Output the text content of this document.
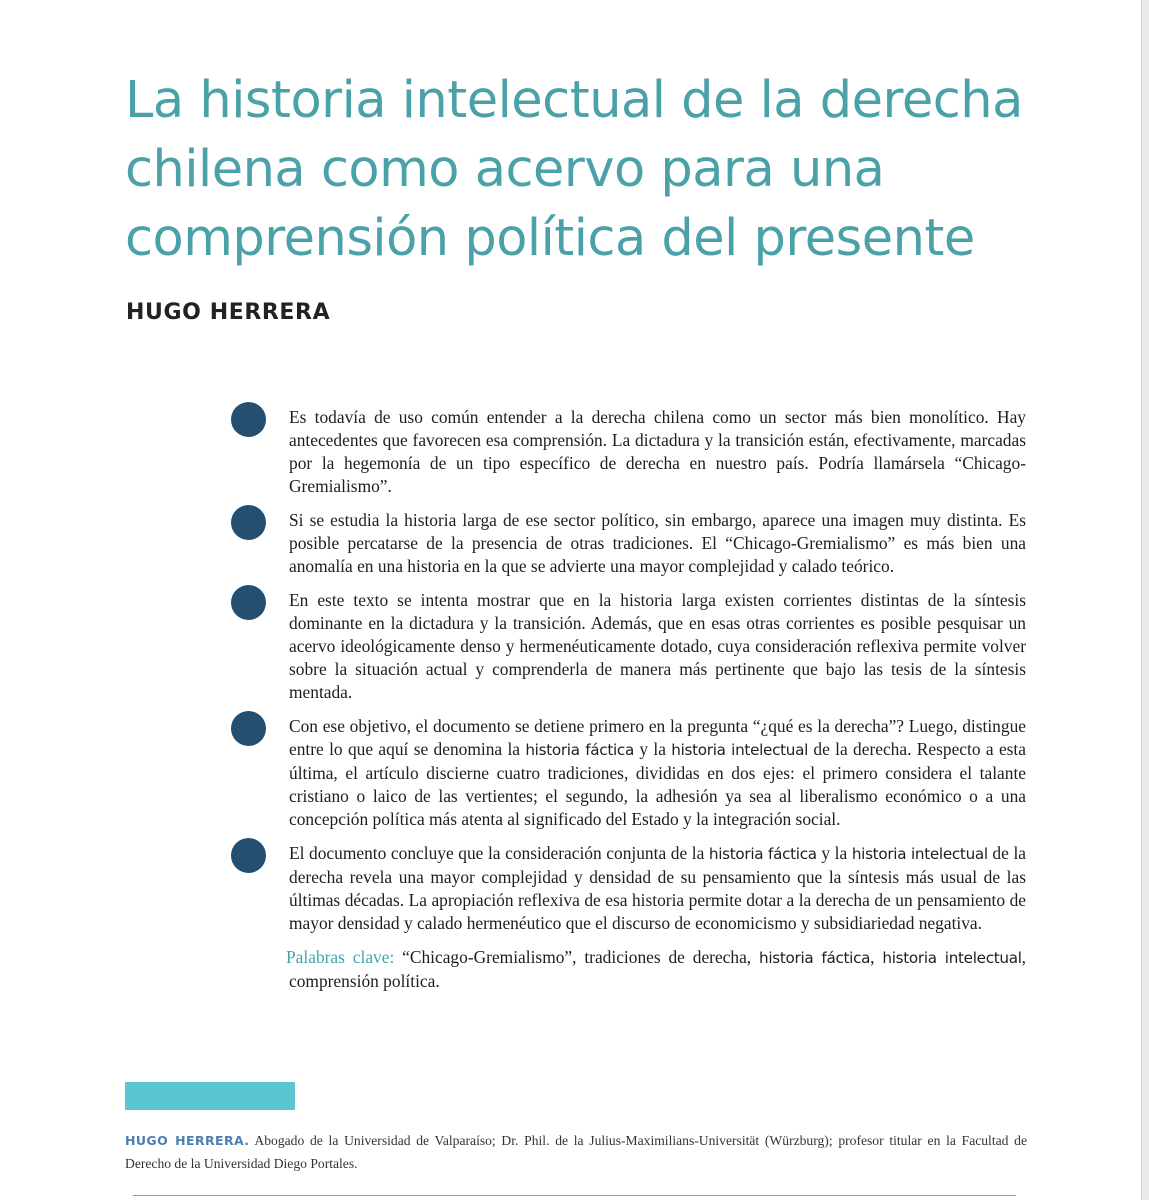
La historia intelectual de la derecha
chilena como acervo para una
comprensión política del presente
HUGO HERRERA

Es todavía de uso común entender a la derecha chilena como un sector más bien monolítico. Hay antecedentes que favorecen esa comprensión. La dictadura y la transición están, efectivamente, marcadas por la hegemonía de un tipo específico de derecha en nuestro país. Podría llamársela “Chicago-Gremialismo”.

Si se estudia la historia larga de ese sector político, sin embargo, aparece una imagen muy distinta. Es posible percatarse de la presencia de otras tradiciones. El “Chicago-Gremialismo” es más bien una anomalía en una historia en la que se advierte una mayor complejidad y calado teórico.

En este texto se intenta mostrar que en la historia larga existen corrientes distintas de la síntesis dominante en la dictadura y la transición. Además, que en esas otras corrientes es posible pesquisar un acervo ideológicamente denso y hermenéuticamente dotado, cuya consideración reflexiva permite volver sobre la situación actual y comprenderla de manera más pertinente que bajo las tesis de la síntesis mentada.

Con ese objetivo, el documento se detiene primero en la pregunta “¿qué es la derecha”? Luego, distingue entre lo que aquí se denomina la historia fáctica y la historia intelectual de la derecha. Respecto a esta última, el artículo discierne cuatro tradiciones, divididas en dos ejes: el primero considera el talante cristiano o laico de las vertientes; el segundo, la adhesión ya sea al liberalismo económico o a una concepción política más atenta al significado del Estado y la integración social.

El documento concluye que la consideración conjunta de la historia fáctica y la historia intelectual de la derecha revela una mayor complejidad y densidad de su pensamiento que la síntesis más usual de las últimas décadas. La apropiación reflexiva de esa historia permite dotar a la derecha de un pensamiento de mayor densidad y calado hermenéutico que el discurso de economicismo y subsidiariedad negativa.

Palabras clave: “Chicago-Gremialismo”, tradiciones de derecha, historia fáctica, historia intelectual, comprensión política.

HUGO HERRERA. Abogado de la Universidad de Valparaíso; Dr. Phil. de la Julius-Maximilians-Universität (Würzburg); profesor titular en la Facultad de Derecho de la Universidad Diego Portales.
